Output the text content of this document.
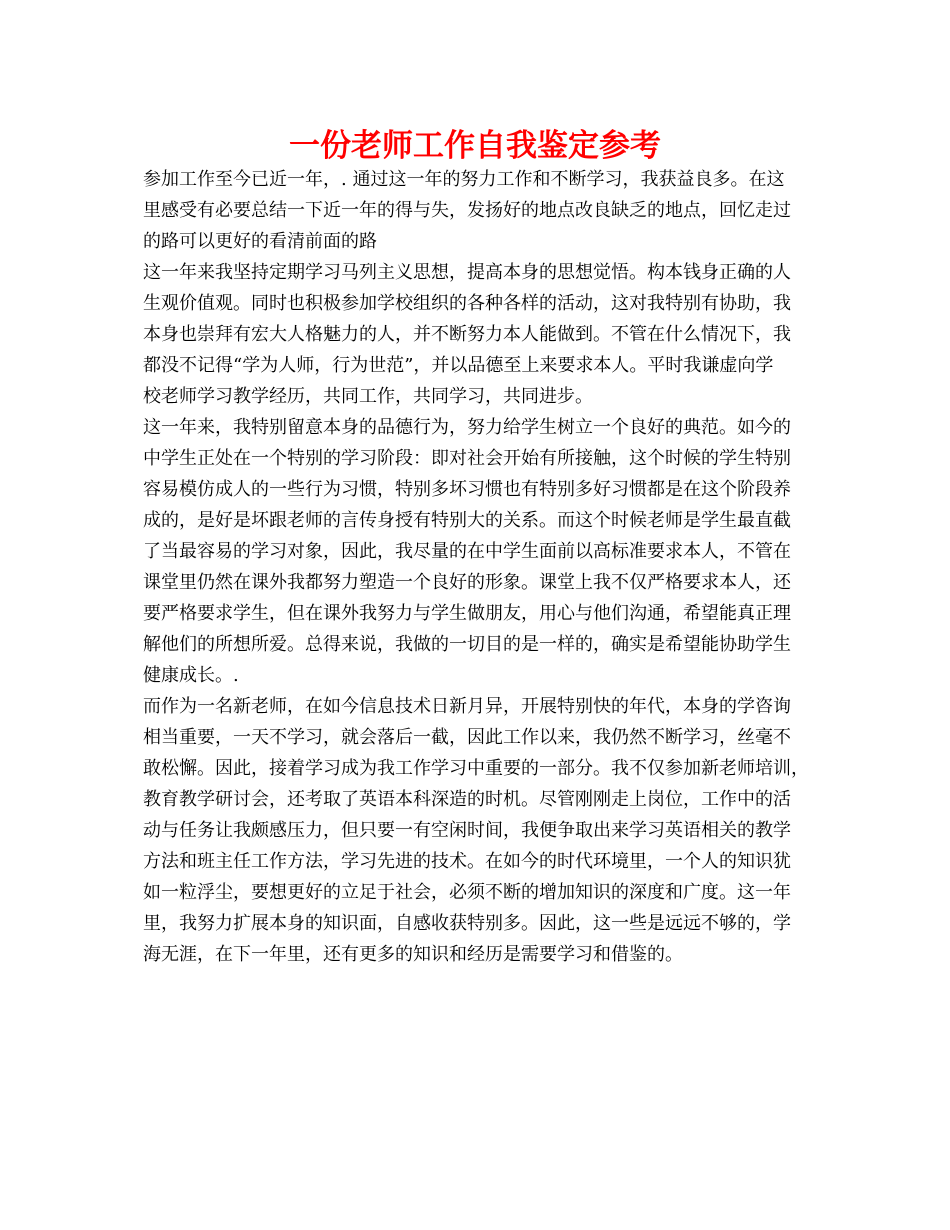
一份老师工作自我鉴定参考

参加工作至今已近一年，. 通过这一年的努力工作和不断学习，我获益良多。在这
里感受有必要总结一下近一年的得与失，发扬好的地点改良缺乏的地点，回忆走过
的路可以更好的看清前面的路

这一年来我坚持定期学习马列主义思想，提高本身的思想觉悟。构本钱身正确的人
生观价值观。同时也积极参加学校组织的各种各样的活动，这对我特别有协助，我
本身也崇拜有宏大人格魅力的人，并不断努力本人能做到。不管在什么情况下，我
都没不记得“学为人师，行为世范”，并以品德至上来要求本人。平时我谦虚向学
校老师学习教学经历，共同工作，共同学习，共同进步。

这一年来，我特别留意本身的品德行为，努力给学生树立一个良好的典范。如今的
中学生正处在一个特别的学习阶段：即对社会开始有所接触，这个时候的学生特别
容易模仿成人的一些行为习惯，特别多坏习惯也有特别多好习惯都是在这个阶段养
成的，是好是坏跟老师的言传身授有特别大的关系。而这个时候老师是学生最直截
了当最容易的学习对象，因此，我尽量的在中学生面前以高标准要求本人，不管在
课堂里仍然在课外我都努力塑造一个良好的形象。课堂上我不仅严格要求本人，还
要严格要求学生，但在课外我努力与学生做朋友，用心与他们沟通，希望能真正理
解他们的所想所爱。总得来说，我做的一切目的是一样的，确实是希望能协助学生
健康成长。.

而作为一名新老师，在如今信息技术日新月异，开展特别快的年代，本身的学咨询
相当重要，一天不学习，就会落后一截，因此工作以来，我仍然不断学习，丝毫不
敢松懈。因此，接着学习成为我工作学习中重要的一部分。我不仅参加新老师培训，
教育教学研讨会，还考取了英语本科深造的时机。尽管刚刚走上岗位，工作中的活
动与任务让我颇感压力，但只要一有空闲时间，我便争取出来学习英语相关的教学
方法和班主任工作方法，学习先进的技术。在如今的时代环境里，一个人的知识犹
如一粒浮尘，要想更好的立足于社会，必须不断的增加知识的深度和广度。这一年
里，我努力扩展本身的知识面，自感收获特别多。因此，这一些是远远不够的，学
海无涯，在下一年里，还有更多的知识和经历是需要学习和借鉴的。
